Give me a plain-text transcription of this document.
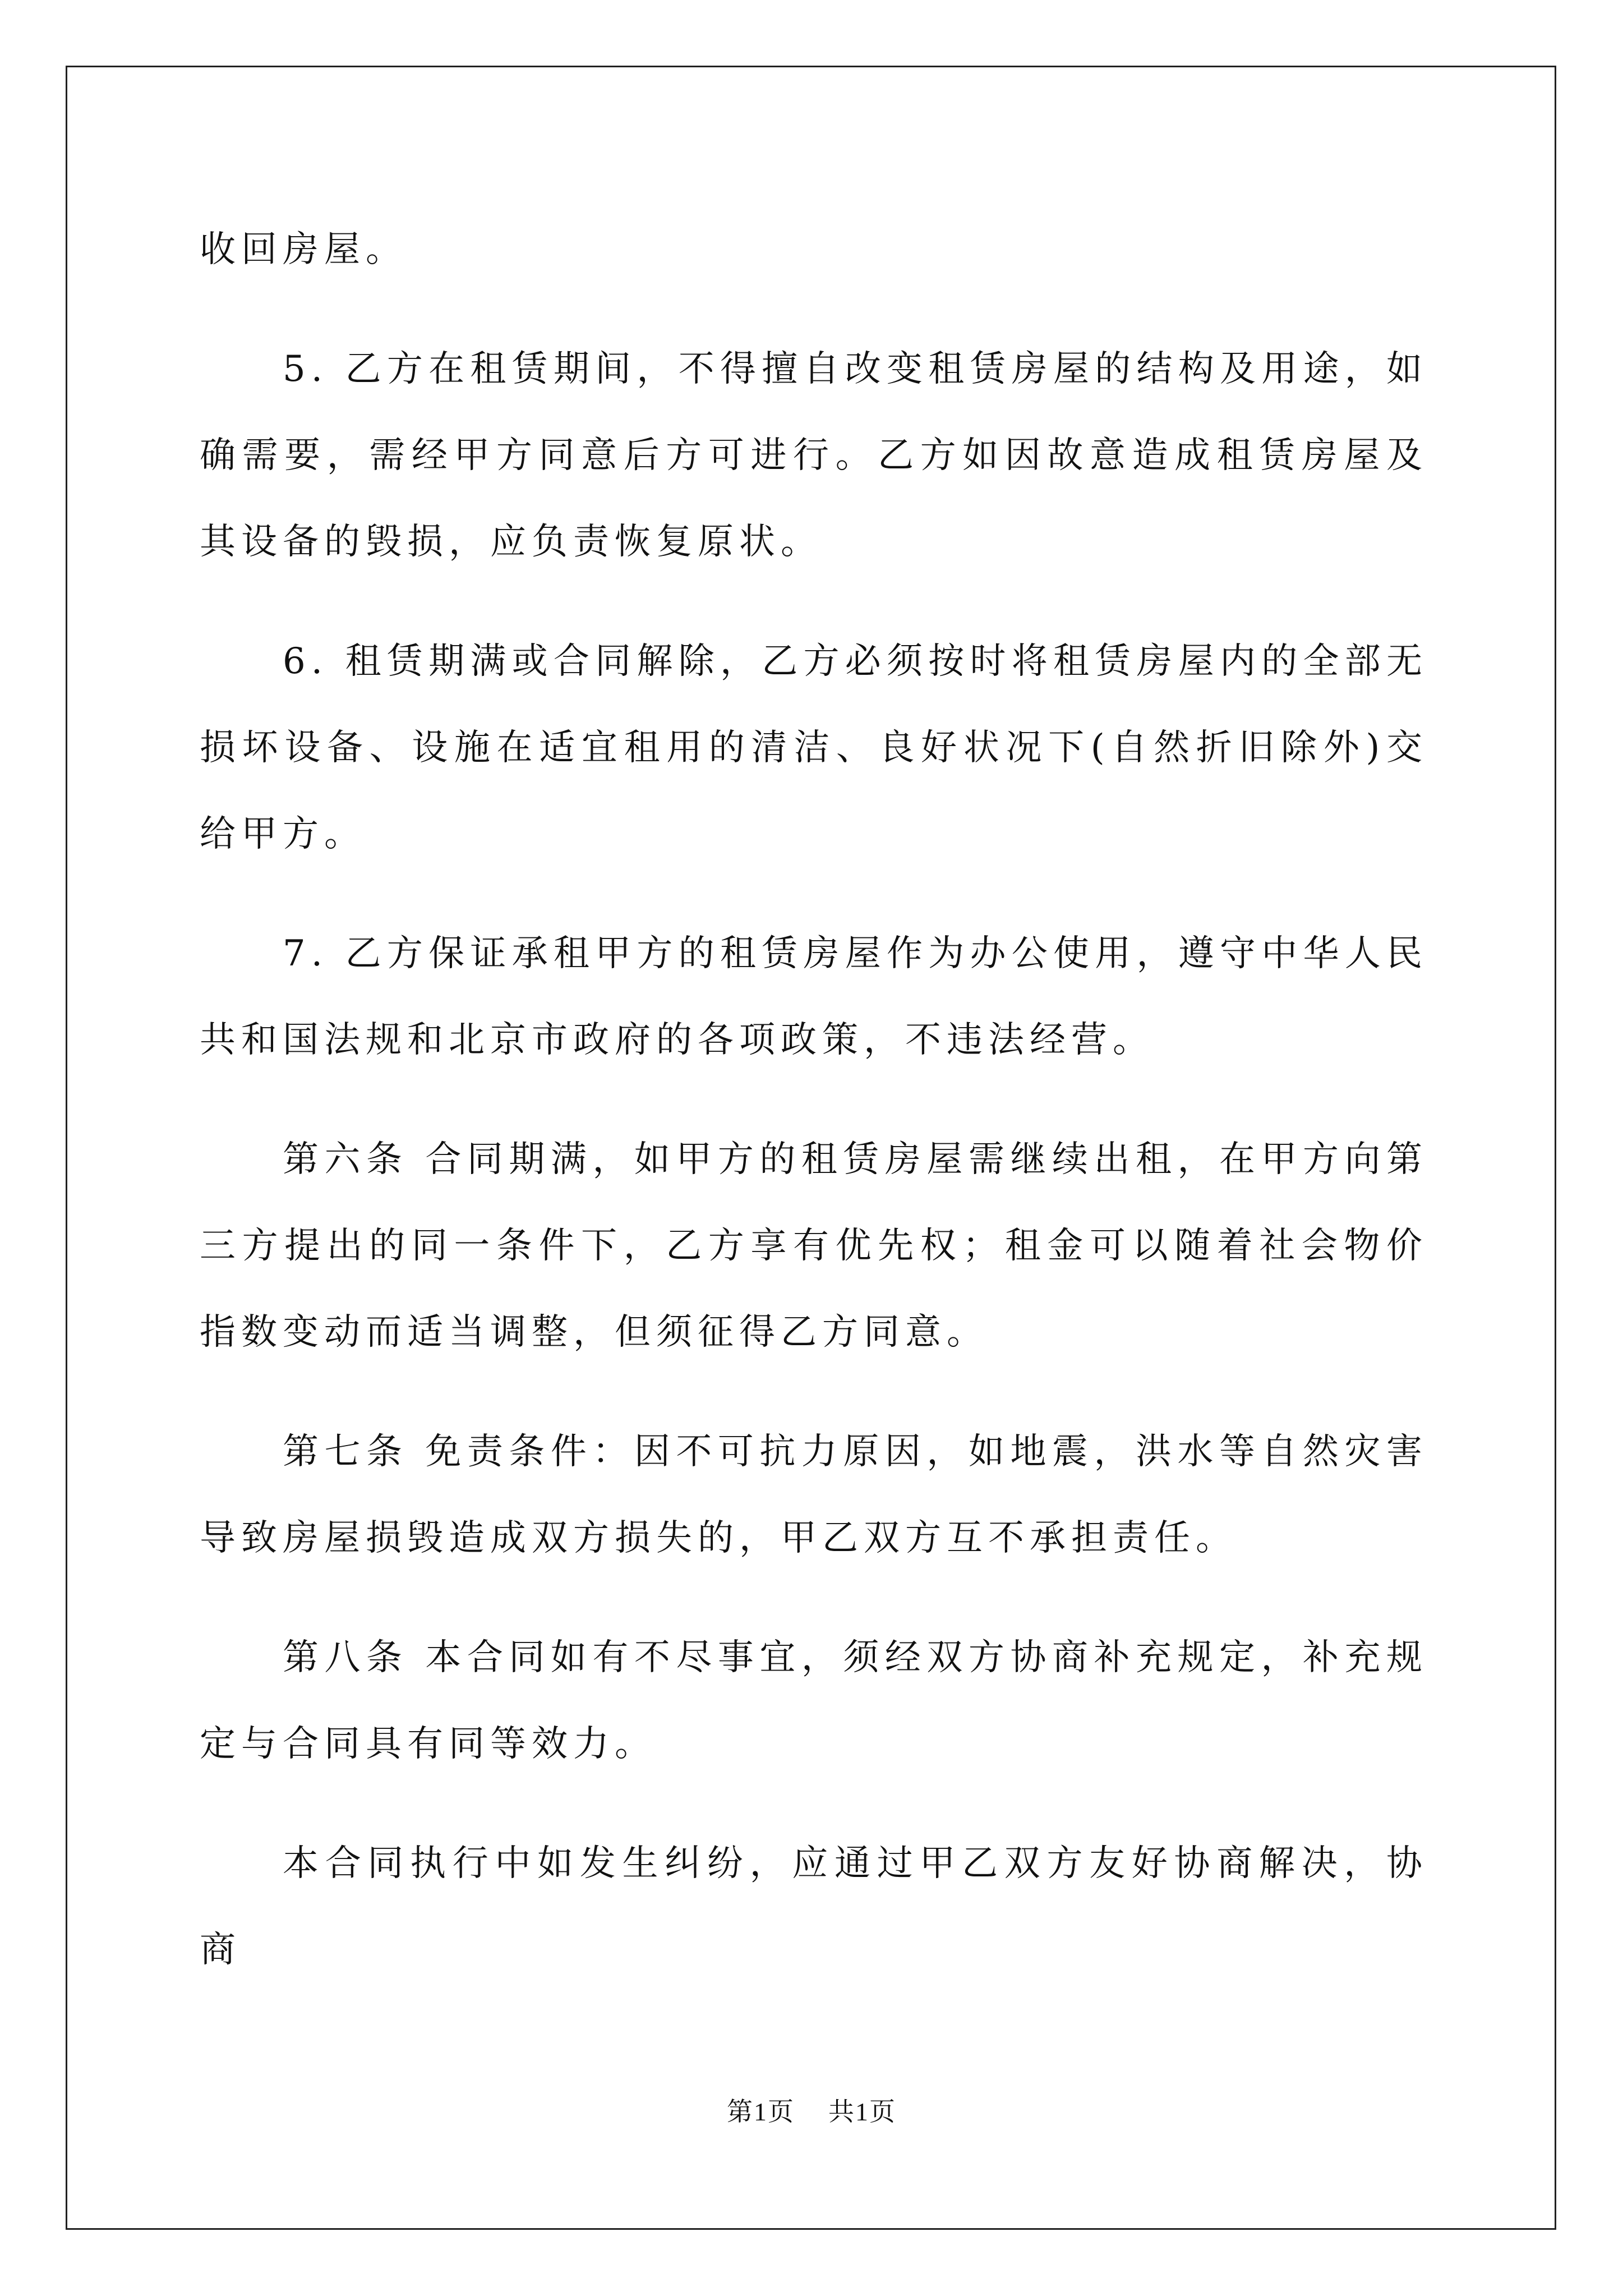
收回房屋。

5. 乙方在租赁期间，不得擅自改变租赁房屋的结构及用途，如确需要，需经甲方同意后方可进行。乙方如因故意造成租赁房屋及其设备的毁损，应负责恢复原状。

6. 租赁期满或合同解除，乙方必须按时将租赁房屋内的全部无损坏设备、设施在适宜租用的清洁、良好状况下(自然折旧除外)交给甲方。

7. 乙方保证承租甲方的租赁房屋作为办公使用，遵守中华人民共和国法规和北京市政府的各项政策，不违法经营。

第六条 合同期满，如甲方的租赁房屋需继续出租，在甲方向第三方提出的同一条件下，乙方享有优先权；租金可以随着社会物价指数变动而适当调整，但须征得乙方同意。

第七条 免责条件：因不可抗力原因，如地震，洪水等自然灾害导致房屋损毁造成双方损失的，甲乙双方互不承担责任。

第八条 本合同如有不尽事宜，须经双方协商补充规定，补充规定与合同具有同等效力。

本合同执行中如发生纠纷，应通过甲乙双方友好协商解决，协商

第1页 共1页
